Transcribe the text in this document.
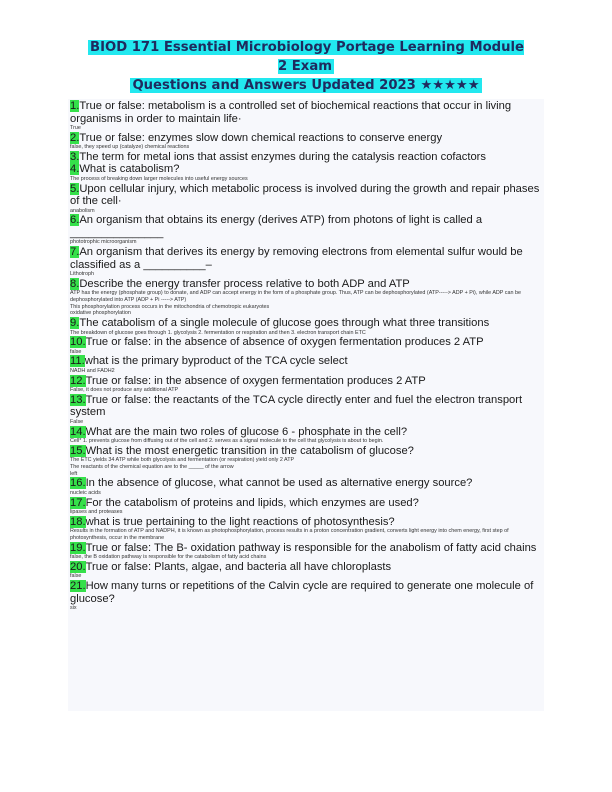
BIOD 171 Essential Microbiology Portage Learning Module 2 Exam
Questions and Answers Updated 2023 ★★★★★

1.True or false: metabolism is a controlled set of biochemical reactions that occur in living organisms in order to maintain life·

True

2.True or false: enzymes slow down chemical reactions to conserve energy

false, they speed up (catalyze) chemical reactions

3.The term for metal ions that assist enzymes during the catalysis reaction cofactors

4.What is catabolism?

The process of breaking down larger molecules into useful energy sources

5.Upon cellular injury, which metabolic process is involved during the growth and repair phases of the cell·

anabolism

6.An organism that obtains its energy (derives ATP) from photons of light is called a _______________

phototrophic microorganism

7.An organism that derives its energy by removing electrons from elemental sulfur would be classified as a __________–

Lithotroph

8.Describe the energy transfer process relative to both ADP and ATP

ATP has the energy (phosphate group) to donate, and ADP can accept energy in the form of a phosphate group. Thus, ATP can be dephosphorylated (ATP-----> ADP + Pi), while ADP can be dephosphorylated into ATP (ADP + Pi -----> ATP)

This phosphorylation process occurs in the mitochondria of chemotropic eukaryotes

oxidative phosphorylation

9.The catabolism of a single molecule of glucose goes through what three transitions

The breakdown of glucose goes through 1. glycolysis 2. fermentation or respiration and then 3. electron transport chain ETC

10.True or false: in the absence of absence of oxygen fermentation produces 2 ATP

false

11.what is the primary byproduct of the TCA cycle select

NADH and FADH2

12.True or false: in the absence of oxygen fermentation produces 2 ATP

False, it does not produce any additional ATP

13.True or false: the reactants of the TCA cycle directly enter and fuel the electron transport system

False

14.What are the main two roles of glucose 6 - phosphate in the cell?

Cell* 1. prevents glucose from diffusing out of the cell and 2. serves as a signal molecule to the cell that glycolysis is about to begin.

15.What is the most energetic transition in the catabolism of glucose?

The ETC yields 34 ATP while both glycolysis and fermentation (or respiration) yield only 2 ATP

The reactants of the chemical equation are to the _____ of the arrow

left

16.In the absence of glucose, what cannot be used as alternative energy source?

nucleic acids

17.For the catabolism of proteins and lipids, which enzymes are used?

lipases and proteases

18.what is true pertaining to the light reactions of photosynthesis?

Results in the formation of ATP and NADPH, it is known as photophosphorylation, process results in a proton concentration gradient, converts light energy into chem energy, first step of photosynthesis, occur in the membrane

19.True or false: The B- oxidation pathway is responsible for the anabolism of fatty acid chains

false, the B oxidation pathway is responsible for the catabolism of fatty acid chains

20.True or false: Plants, algae, and bacteria all have chloroplasts

false

21.How many turns or repetitions of the Calvin cycle are required to generate one molecule of glucose?

six
